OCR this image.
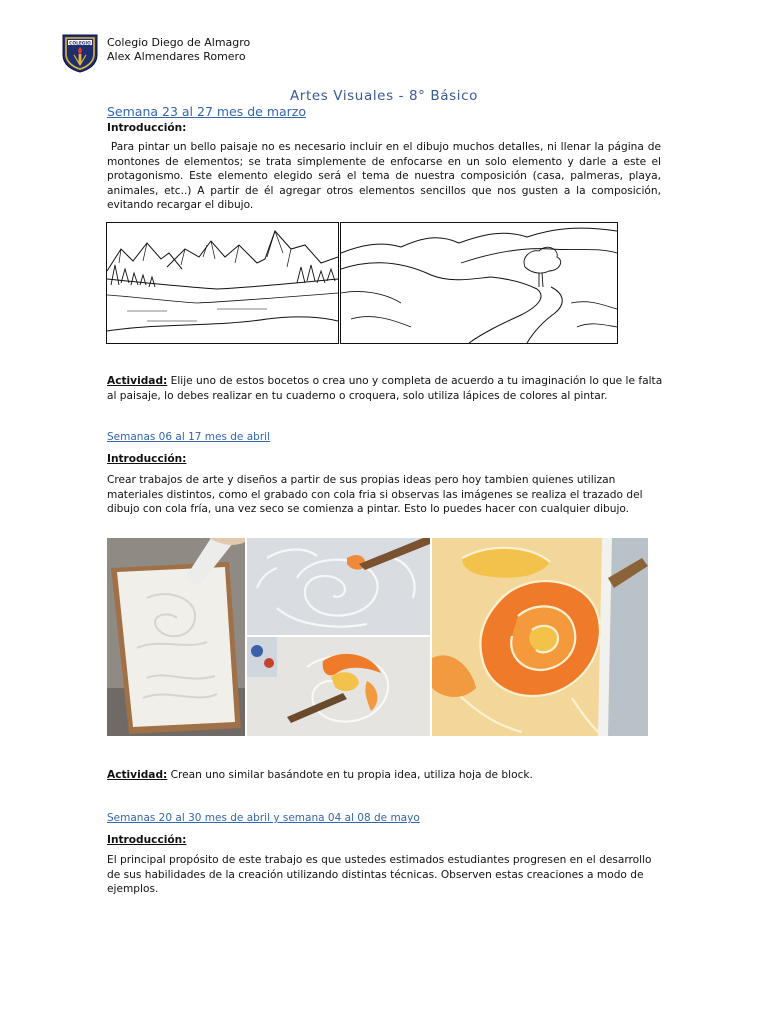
COLEGIO Colegio Diego de Almagro
Alex Almendares Romero
Artes Visuales - 8° Básico
Semana 23 al 27 mes de marzo
Introducción:
Para pintar un bello paisaje no es necesario incluir en el dibujo muchos detalles, ni llenar la página de montones de elementos; se trata simplemente de enfocarse en un solo elemento y darle a este el protagonismo. Este elemento elegido será el tema de nuestra composición (casa, palmeras, playa, animales, etc..) A partir de él agregar otros elementos sencillos que nos gusten a la composición, evitando recargar el dibujo.
Actividad: Elije uno de estos bocetos o crea uno y completa de acuerdo a tu imaginación lo que le falta al paisaje, lo debes realizar en tu cuaderno o croquera, solo utiliza lápices de colores al pintar.
Semanas 06 al 17 mes de abril
Introducción:
Crear trabajos de arte y diseños a partir de sus propias ideas pero hoy tambien quienes utilizan materiales distintos, como el grabado con cola fria si observas las imágenes se realiza el trazado del dibujo con cola fría, una vez seco se comienza a pintar. Esto lo puedes hacer con cualquier dibujo.
Actividad: Crean uno similar basándote en tu propia idea, utiliza hoja de block.
Semanas 20 al 30 mes de abril y semana 04 al 08 de mayo
Introducción:
El principal propósito de este trabajo es que ustedes estimados estudiantes progresen en el desarrollo de sus habilidades de la creación utilizando distintas técnicas. Observen estas creaciones a modo de ejemplos.
